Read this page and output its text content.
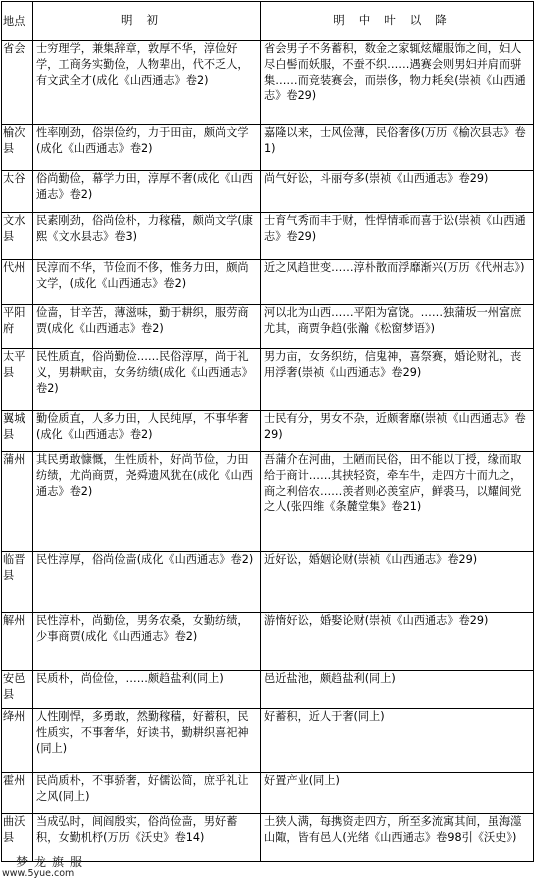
地点	明初	明中叶以降
省会	士穷理学，兼集辞章，敦厚不华，淳俭好学，工商务实勤俭，人物辈出，代不乏人，有文武全才(成化《山西通志》卷2)	省会男子不务蓄积，数金之家辄炫耀服饰之间，妇人尽白髻而妖服，不蚕不织……遇赛会则男妇并肩而骈集……而竞装赛会，而崇侈，物力耗矣(崇祯《山西通志》卷29)
榆次县	性率刚劲，俗崇俭约，力于田亩，颇尚文学(成化《山西通志》卷2)	嘉隆以来，士风俭薄，民俗奢侈(万历《榆次县志》卷1)
太谷	俗尚勤俭，幕学力田，淳厚不奢(成化《山西通志》卷2)	尚气好讼，斗丽夸多(崇祯《山西通志》卷29)
文水县	民素刚劲，俗尚俭朴，力稼穑，颇尚文学(康熙《文水县志》卷3)	士育气秀而丰于财，性悍情乖而喜于讼(崇祯《山西通志》卷29)
代州	民淳而不华，节俭而不侈，惟务力田，颇尚文学，(成化《山西通志》卷2)	近之风趋世变……淳朴散而浮靡渐兴(万历《代州志》)
平阳府	俭啬，甘辛苦，薄滋味，勤于耕织，服劳商贾(成化《山西通志》卷2)	河以北为山西……平阳为富饶。……独蒲坂一州富庶尤其，商贾争趋(张瀚《松窗梦语》)
太平县	民性质直，俗尚勤俭……民俗淳厚，尚于礼义，男耕畎亩，女务纺绩(成化《山西通志》卷2)	男力亩，女务织纺，信鬼神，喜祭赛，婚论财礼，丧用浮奢(崇祯《山西通志》卷29)
翼城县	勤俭质直，人多力田，人民纯厚，不事华奢(成化《山西通志》卷2)	士民有分，男女不杂，近颇奢靡(崇祯《山西通志》卷29)
蒲州	其民勇敢慷慨，生性质朴，好尚节俭，力田纺绩，尤尚商贾，尧舜遗风犹在(成化《山西通志》卷2)	吾蒲介在河曲，土陋而民俗，田不能以丁授，缘而取给于商计……其挟轻资，牵车牛，走四方十而九之，商之利倍农……羡者则必羡室庐，鲜裘马，以耀闾党之人(张四维《条麓堂集》卷21)
临晋县	民性淳厚，俗尚俭啬(成化《山西通志》卷2)	近好讼，婚姻论财(崇祯《山西通志》卷29)
解州	民性淳朴，尚勤俭，男务农桑，女勤纺绩，少事商贾(成化《山西通志》卷2)	游惰好讼，婚娶论财(崇祯《山西通志》卷29)
安邑县	民质朴，尚俭俭，……颇趋盐利(同上)	邑近盐池，颇趋盐利(同上)
绛州	人性刚悍，多勇敢，然勤稼穑，好蓄积，民性质实，不事奢华，好读书，勤耕织喜祀神(同上)	好蓄积，近人于奢(同上)
霍州	民尚质朴，不事骄奢，好儒讼简，庶乎礼让之风(同上)	好置产业(同上)
曲沃县	当成弘时，闾阎殷实，俗尚俭啬，男好蓄积，女勤机杼(万历《沃史》卷14)	土狭人满，每携资走四方，所至多流寓其间，虽海澨山陬，皆有邑人(光绪《山西通志》卷98引《沃史》)
梦龙旗服
www.5yue.com
